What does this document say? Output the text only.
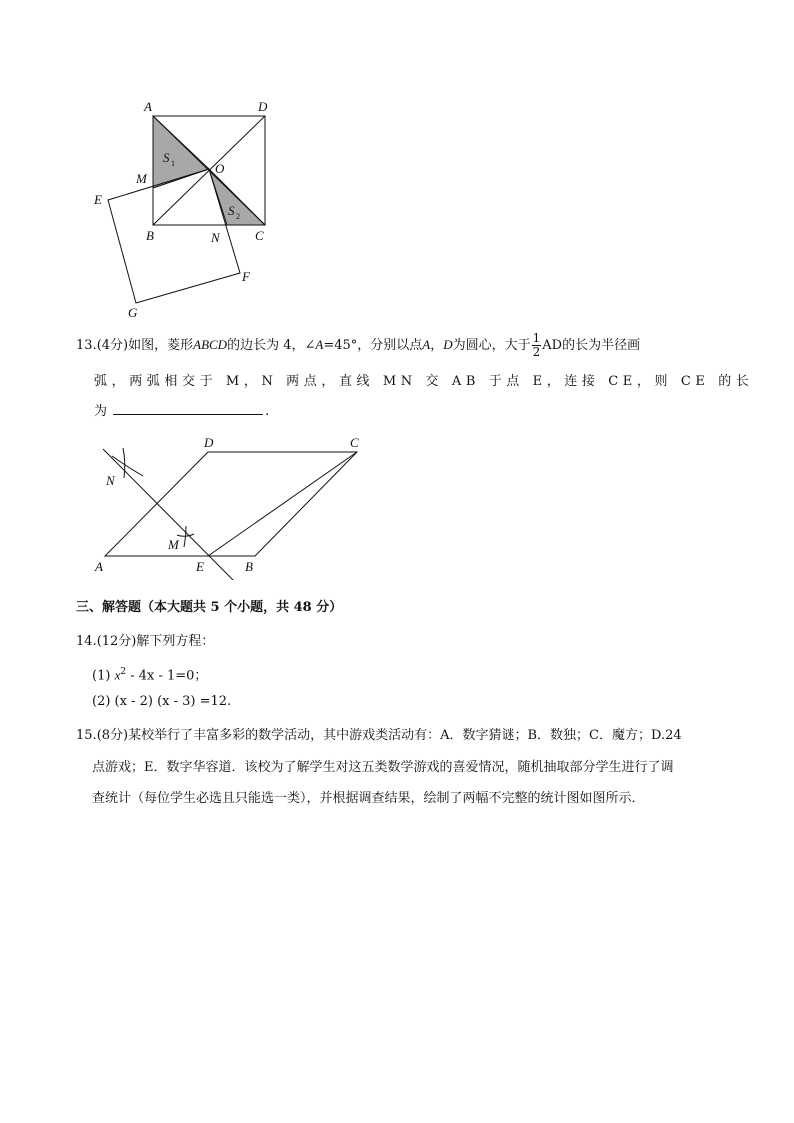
A	D
O
S 1
S 2
M
E
B	N	C
F
G
13.(4分)如图，菱形ABCD的边长为 4，∠A=45°，分别以点A，D为圆心，大于 $\frac{1}{2}$ AD的长为半径画
弧，两弧相交于 M，N 两点，直线 MN 交 AB 于点 E，连接 CE，则 CE 的长
为	.
D	C
N
M
A	E	B
三、解答题（本大题共 5 个小题，共 48 分）
14.(12分)解下列方程：
(1) $x^2 - 4x - 1=0$；
(2) (x - 2) (x - 3) =12.
15.(8分)某校举行了丰富多彩的数学活动，其中游戏类活动有：A．数字猜谜；B．数独；C．魔方；D.24
点游戏；E．数字华容道．该校为了解学生对这五类数学游戏的喜爱情况，随机抽取部分学生进行了调
查统计（每位学生必选且只能选一类），并根据调查结果，绘制了两幅不完整的统计图如图所示．
